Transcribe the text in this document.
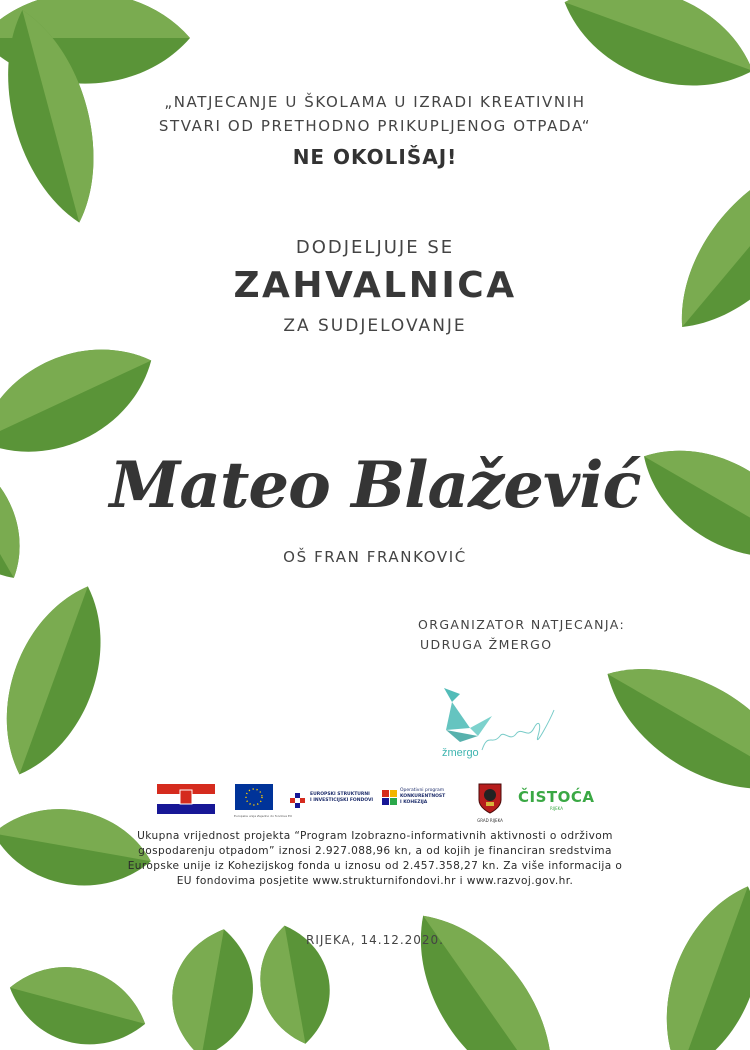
„NATJECANJE U ŠKOLAMA U IZRADI KREATIVNIH
STVARI OD PRETHODNO PRIKUPLJENOG OTPADA“
NE OKOLIŠAJ!
DODJELJUJE SE
ZAHVALNICA
ZA SUDJELOVANJE
Mateo Blažević
OŠ FRAN FRANKOVIĆ
ORGANIZATOR NATJECANJA:
UDRUGA ŽMERGO
žmergo
Europska unija Zajedno do fondova EU
EUROPSKI STRUKTURNI
I INVESTICIJSKI FONDOVI
Operativni program
KONKURENTNOST
I KOHEZIJA
GRAD RIJEKA
ČISTOĆA
RIJEKA
Ukupna vrijednost projekta “Program Izobrazno-informativnih aktivnosti o održivom
gospodarenju otpadom” iznosi 2.927.088,96 kn, a od kojih je financiran sredstvima
Europske unije iz Kohezijskog fonda u iznosu od 2.457.358,27 kn. Za više informacija o
EU fondovima posjetite www.strukturnifondovi.hr i www.razvoj.gov.hr.
RIJEKA, 14.12.2020.
